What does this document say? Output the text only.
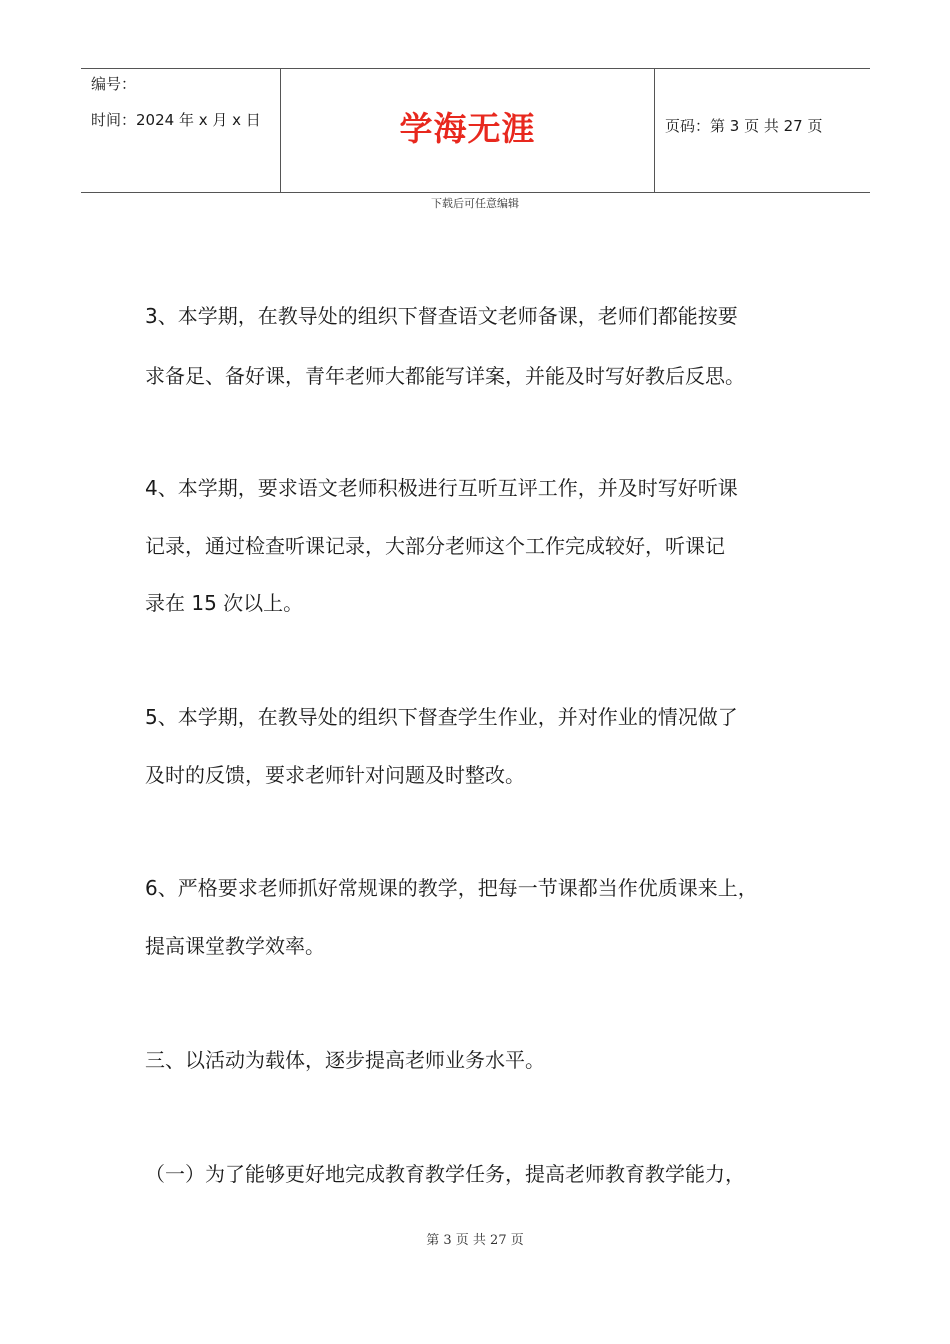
编号：
时间：2024 年 x 月 x 日	学海无涯	页码：第 3 页 共 27 页
下载后可任意编辑
3、本学期，在教导处的组织下督查语文老师备课，老师们都能按要
求备足、备好课，青年老师大都能写详案，并能及时写好教后反思。
4、本学期，要求语文老师积极进行互听互评工作，并及时写好听课
记录，通过检查听课记录，大部分老师这个工作完成较好，听课记
录在 15 次以上。
5、本学期，在教导处的组织下督查学生作业，并对作业的情况做了
及时的反馈，要求老师针对问题及时整改。
6、严格要求老师抓好常规课的教学，把每一节课都当作优质课来上，
提高课堂教学效率。
三、以活动为载体，逐步提高老师业务水平。
（一）为了能够更好地完成教育教学任务，提高老师教育教学能力，
第 3 页 共 27 页
